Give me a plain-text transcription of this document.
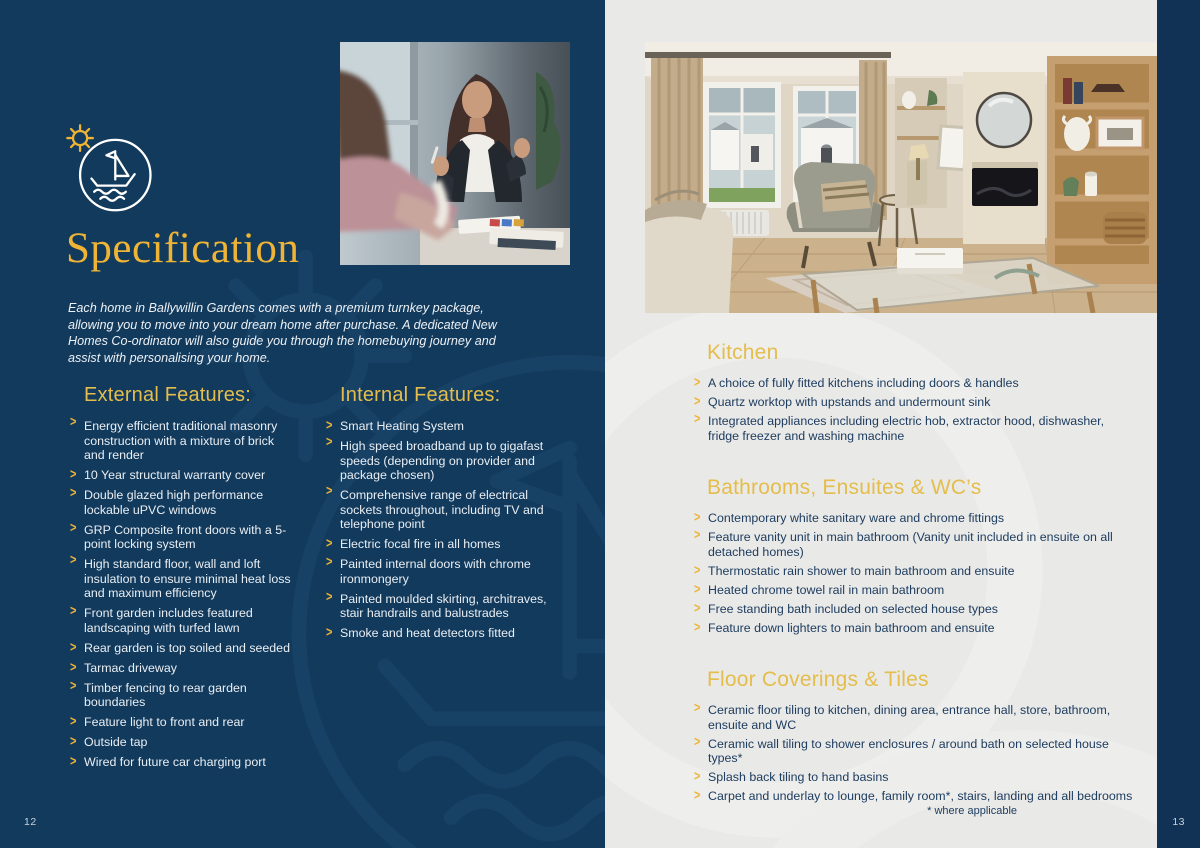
Specification

Each home in Ballywillin Gardens comes with a premium turnkey package, allowing you to move into your dream home after purchase. A dedicated New Homes Co-ordinator will also guide you through the homebuying journey and assist with personalising your home.

External Features:
> Energy efficient traditional masonry construction with a mixture of brick and render
> 10 Year structural warranty cover
> Double glazed high performance lockable uPVC windows
> GRP Composite front doors with a 5-point locking system
> High standard floor, wall and loft insulation to ensure minimal heat loss and maximum efficiency
> Front garden includes featured landscaping with turfed lawn
> Rear garden is top soiled and seeded
> Tarmac driveway
> Timber fencing to rear garden boundaries
> Feature light to front and rear
> Outside tap
> Wired for future car charging port
Internal Features:
> Smart Heating System
> High speed broadband up to gigafast speeds (depending on provider and package chosen)
> Comprehensive range of electrical sockets throughout, including TV and telephone point
> Electric focal fire in all homes
> Painted internal doors with chrome ironmongery
> Painted moulded skirting, architraves, stair handrails and balustrades
> Smoke and heat detectors fitted
12
Kitchen
> A choice of fully fitted kitchens including doors & handles
> Quartz worktop with upstands and undermount sink
> Integrated appliances including electric hob, extractor hood, dishwasher, fridge freezer and washing machine
Bathrooms, Ensuites & WC’s
> Contemporary white sanitary ware and chrome fittings
> Feature vanity unit in main bathroom (Vanity unit included in ensuite on all detached homes)
> Thermostatic rain shower to main bathroom and ensuite
> Heated chrome towel rail in main bathroom
> Free standing bath included on selected house types
> Feature down lighters to main bathroom and ensuite
Floor Coverings & Tiles
> Ceramic floor tiling to kitchen, dining area, entrance hall, store, bathroom, ensuite and WC
> Ceramic wall tiling to shower enclosures / around bath on selected house types*
> Splash back tiling to hand basins
> Carpet and underlay to lounge, family room*, stairs, landing and all bedrooms
* where applicable
13
